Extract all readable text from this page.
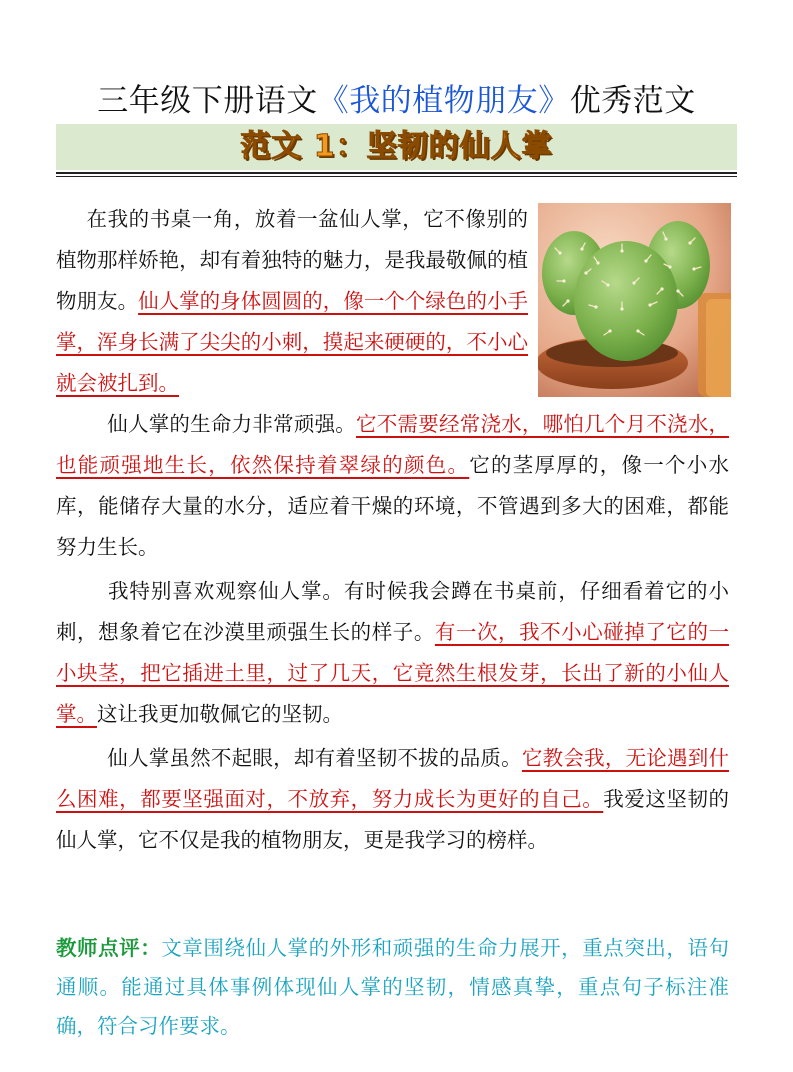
三年级下册语文《我的植物朋友》优秀范文
范文 1：坚韧的仙人掌

在我的书桌一角，放着一盆仙人掌，它不像别的植物那样娇艳，却有着独特的魅力，是我最敬佩的植物朋友。仙人掌的身体圆圆的，像一个个绿色的小手掌，浑身长满了尖尖的小刺，摸起来硬硬的，不小心就会被扎到。

仙人掌的生命力非常顽强。它不需要经常浇水，哪怕几个月不浇水，也能顽强地生长，依然保持着翠绿的颜色。它的茎厚厚的，像一个小水库，能储存大量的水分，适应着干燥的环境，不管遇到多大的困难，都能努力生长。

我特别喜欢观察仙人掌。有时候我会蹲在书桌前，仔细看着它的小刺，想象着它在沙漠里顽强生长的样子。有一次，我不小心碰掉了它的一小块茎，把它插进土里，过了几天，它竟然生根发芽，长出了新的小仙人掌。这让我更加敬佩它的坚韧。

仙人掌虽然不起眼，却有着坚韧不拔的品质。它教会我，无论遇到什么困难，都要坚强面对，不放弃，努力成长为更好的自己。我爱这坚韧的仙人掌，它不仅是我的植物朋友，更是我学习的榜样。

教师点评：文章围绕仙人掌的外形和顽强的生命力展开，重点突出，语句通顺。能通过具体事例体现仙人掌的坚韧，情感真挚，重点句子标注准确，符合习作要求。
